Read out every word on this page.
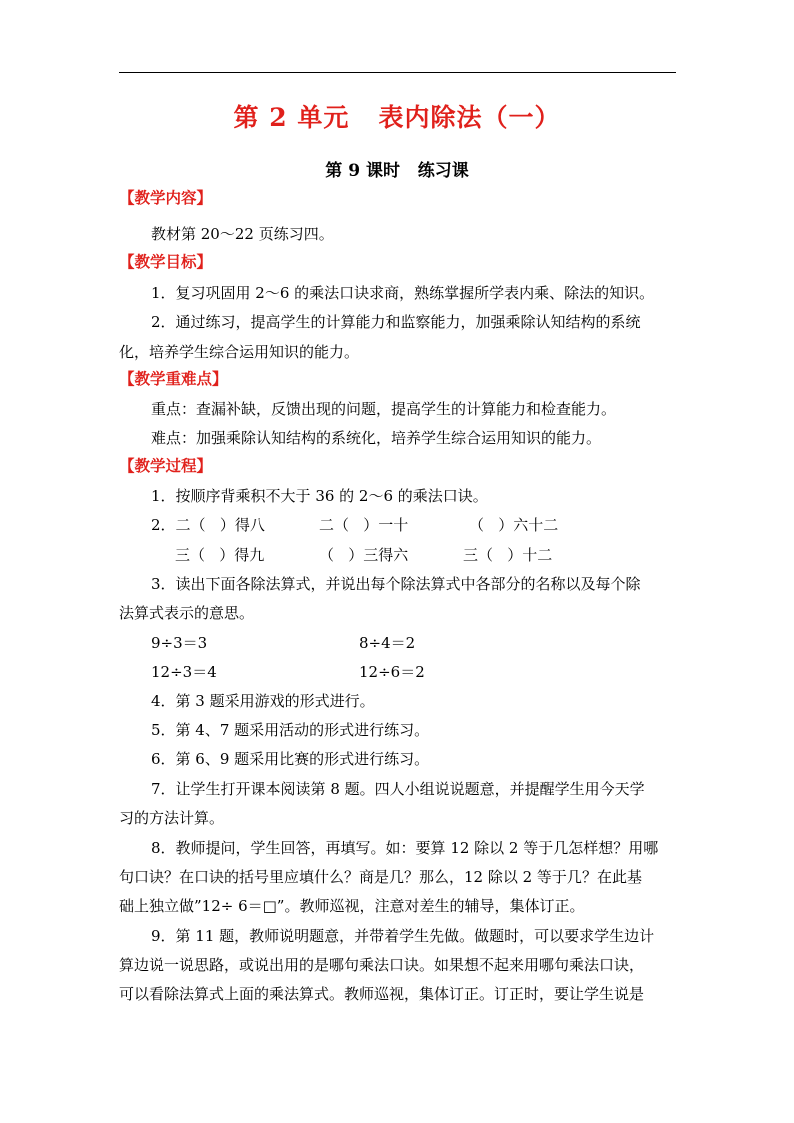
第 2 单元   表内除法（一）
第 9 课时   练习课
【教学内容】
教材第 20～22 页练习四。
【教学目标】
1．复习巩固用 2～6 的乘法口诀求商，熟练掌握所学表内乘、除法的知识。
2．通过练习，提高学生的计算能力和监察能力，加强乘除认知结构的系统
化，培养学生综合运用知识的能力。
【教学重难点】
重点：查漏补缺，反馈出现的问题，提高学生的计算能力和检查能力。
难点：加强乘除认知结构的系统化，培养学生综合运用知识的能力。
【教学过程】
1．按顺序背乘积不大于 36 的 2～6 的乘法口诀。
2．二（   ）得八	二（   ）一十	（   ）六十二
三（   ）得九	（   ）三得六	三（   ）十二
3．读出下面各除法算式，并说出每个除法算式中各部分的名称以及每个除
法算式表示的意思。
9÷3＝3	8÷4＝2
12÷3＝4	12÷6＝2
4．第 3 题采用游戏的形式进行。
5．第 4、7 题采用活动的形式进行练习。
6．第 6、9 题采用比赛的形式进行练习。
7．让学生打开课本阅读第 8 题。四人小组说说题意，并提醒学生用今天学
习的方法计算。
8．教师提问，学生回答，再填写。如：要算 12 除以 2 等于几怎样想？用哪
句口诀？在口诀的括号里应填什么？商是几？那么，12 除以 2 等于几？在此基
础上独立做”12÷ 6＝□”。教师巡视，注意对差生的辅导，集体订正。
9．第 11 题，教师说明题意，并带着学生先做。做题时，可以要求学生边计
算边说一说思路，或说出用的是哪句乘法口诀。如果想不起来用哪句乘法口诀，
可以看除法算式上面的乘法算式。教师巡视，集体订正。订正时，要让学生说是
